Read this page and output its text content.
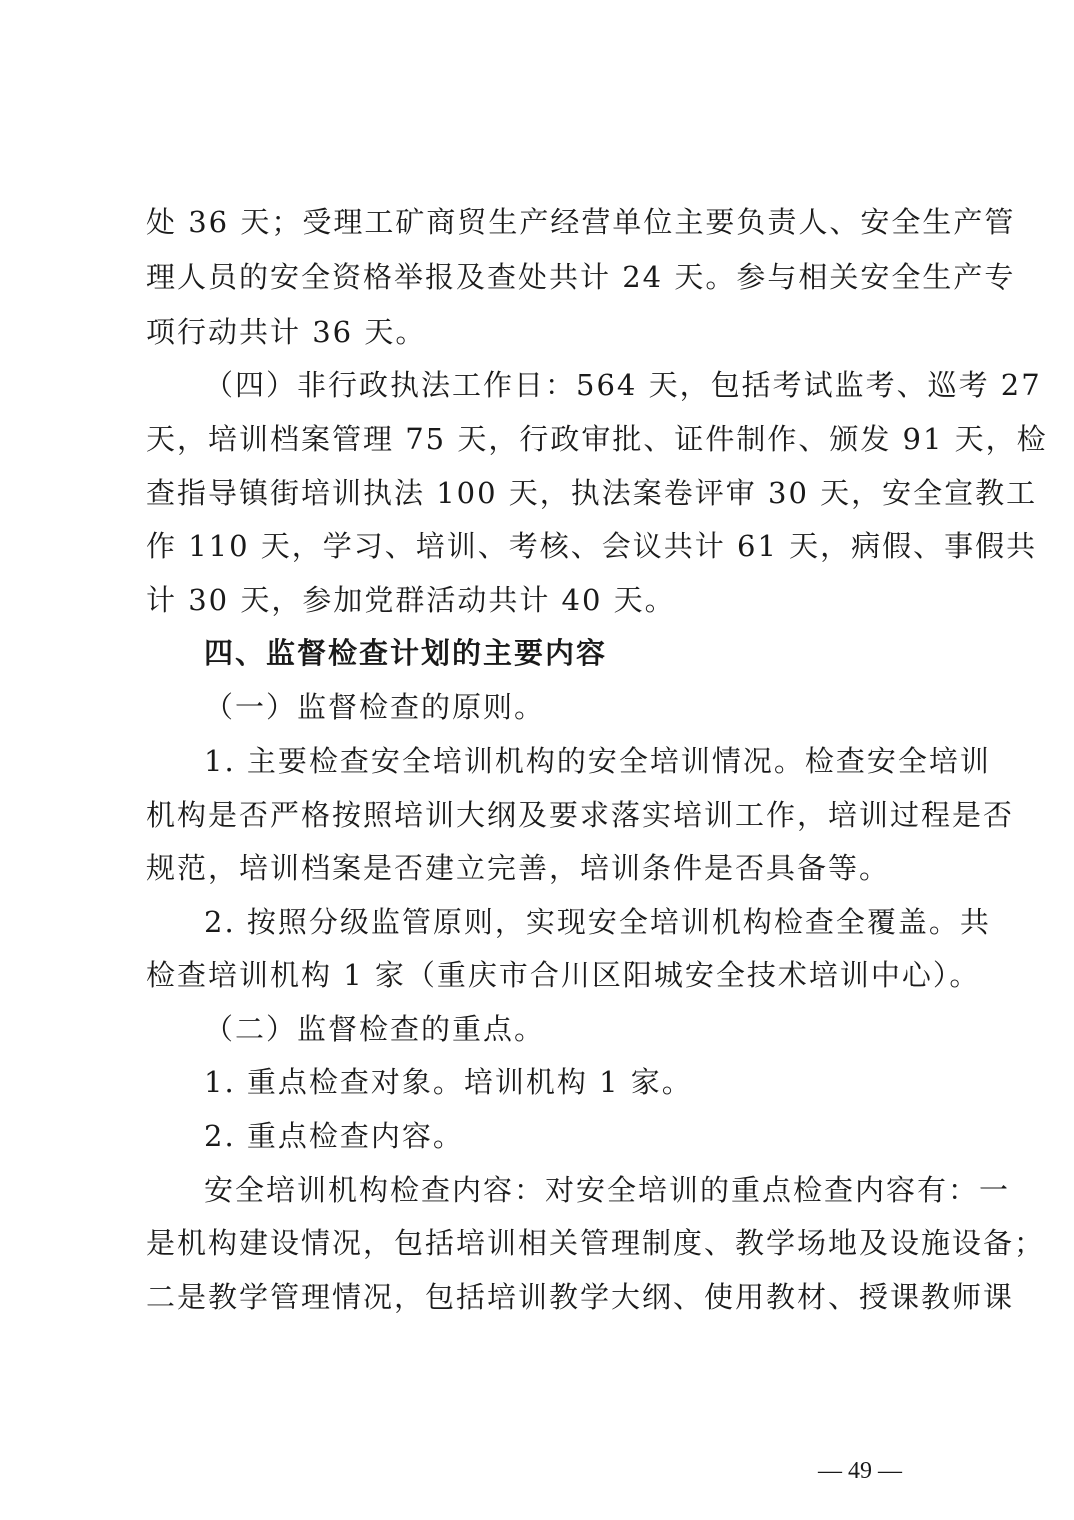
处 36 天；受理工矿商贸生产经营单位主要负责人、安全生产管
理人员的安全资格举报及查处共计 24 天。参与相关安全生产专
项行动共计 36 天。
（四）非行政执法工作日：564 天，包括考试监考、巡考 27
天，培训档案管理 75 天，行政审批、证件制作、颁发 91 天，检
查指导镇街培训执法 100 天，执法案卷评审 30 天，安全宣教工
作 110 天，学习、培训、考核、会议共计 61 天，病假、事假共
计 30 天，参加党群活动共计 40 天。
四、监督检查计划的主要内容
（一）监督检查的原则。
1. 主要检查安全培训机构的安全培训情况。检查安全培训
机构是否严格按照培训大纲及要求落实培训工作，培训过程是否
规范，培训档案是否建立完善，培训条件是否具备等。
2. 按照分级监管原则，实现安全培训机构检查全覆盖。共
检查培训机构 1 家（重庆市合川区阳城安全技术培训中心）。
（二）监督检查的重点。
1. 重点检查对象。培训机构 1 家。
2. 重点检查内容。
安全培训机构检查内容：对安全培训的重点检查内容有：一
是机构建设情况，包括培训相关管理制度、教学场地及设施设备；
二是教学管理情况，包括培训教学大纲、使用教材、授课教师课
— 49 —
